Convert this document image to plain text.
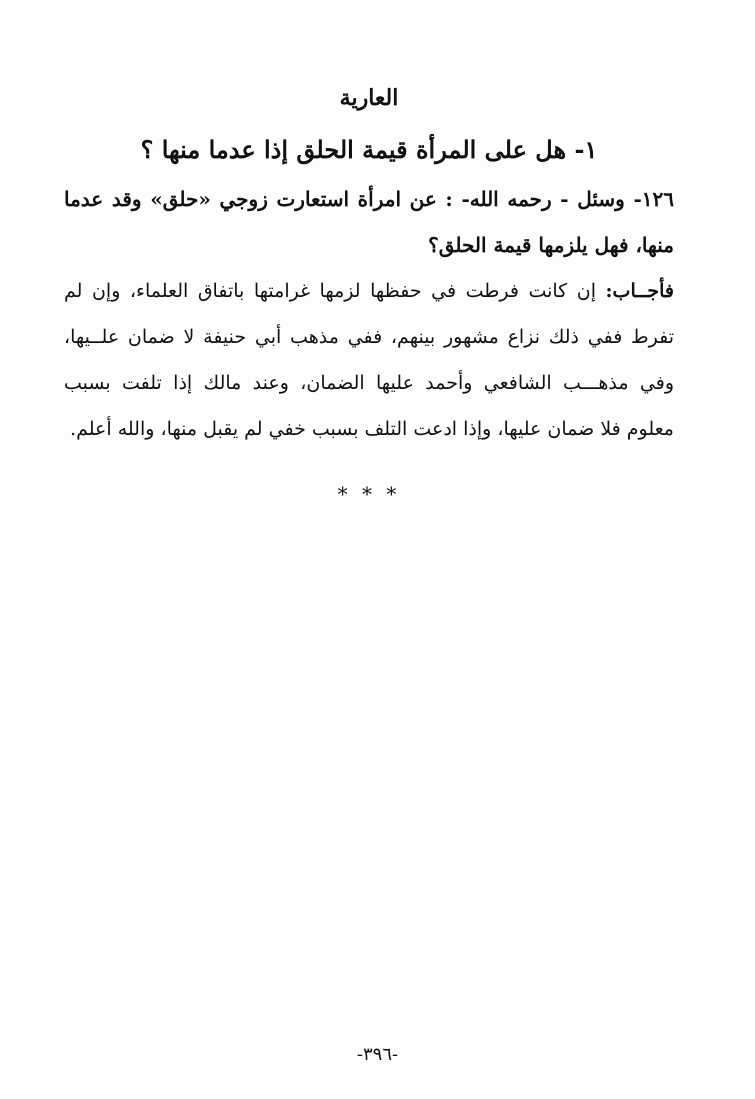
العارية
١- هل على المرأة قيمة الحلق إذا عدما منها ؟

١٢٦- وسئل - رحمه الله- : عن امرأة استعارت زوجي «حلق» وقد عدما منها، فهل يلزمها قيمة الحلق؟

فأجــاب: إن كانت فرطت في حفظها لزمها غرامتها باتفاق العلماء، وإن لم تفرط ففي ذلك نزاع مشهور بينهم، ففي مذهب أبي حنيفة لا ضمان علــيها، وفي مذهـــب الشافعي وأحمد عليها الضمان، وعند مالك إذا تلفت بسبب معلوم فلا ضمان عليها، وإذا ادعت التلف بسبب خفي لم يقبل منها، والله أعلم.

* * *
-٣٩٦-
